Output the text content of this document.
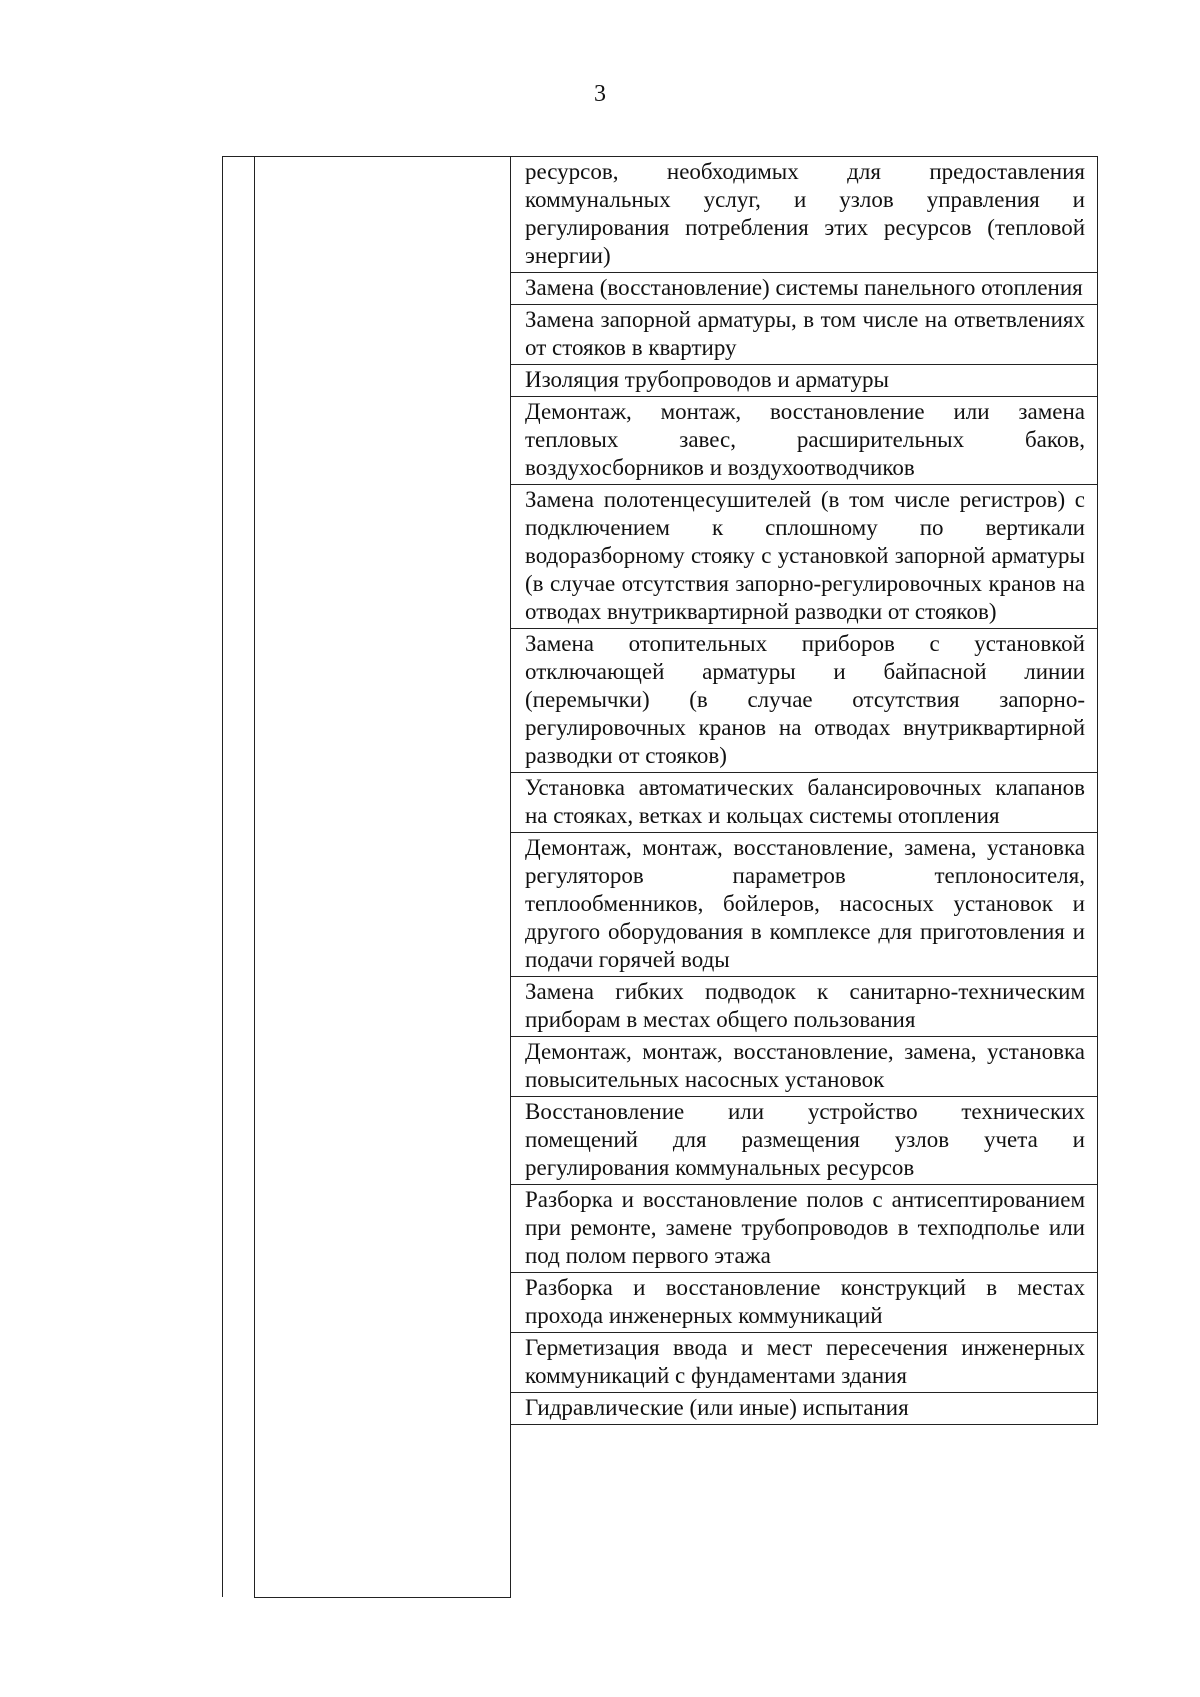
3
ресурсов, необходимых для предоставления коммунальных услуг, и узлов управления и регулирования потребления этих ресурсов (тепловой энергии)
Замена (восстановление) системы панельного отопления
Замена запорной арматуры, в том числе на ответвлениях от стояков в квартиру
Изоляция трубопроводов и арматуры
Демонтаж, монтаж, восстановление или замена тепловых завес, расширительных баков, воздухосборников и воздухоотводчиков
Замена полотенцесушителей (в том числе регистров) с подключением к сплошному по вертикали водоразборному стояку с установкой запорной арматуры (в случае отсутствия запорно-регулировочных кранов на отводах внутриквартирной разводки от стояков)
Замена отопительных приборов с установкой отключающей арматуры и байпасной линии (перемычки) (в случае отсутствия запорно-регулировочных кранов на отводах внутриквартирной разводки от стояков)
Установка автоматических балансировочных клапанов на стояках, ветках и кольцах системы отопления
Демонтаж, монтаж, восстановление, замена, установка регуляторов параметров теплоносителя, теплообменников, бойлеров, насосных установок и другого оборудования в комплексе для приготовления и подачи горячей воды
Замена гибких подводок к санитарно-техническим приборам в местах общего пользования
Демонтаж, монтаж, восстановление, замена, установка повысительных насосных установок
Восстановление или устройство технических помещений для размещения узлов учета и регулирования коммунальных ресурсов
Разборка и восстановление полов с антисептированием при ремонте, замене трубопроводов в техподполье или под полом первого этажа
Разборка и восстановление конструкций в местах прохода инженерных коммуникаций
Герметизация ввода и мест пересечения инженерных коммуникаций с фундаментами здания
Гидравлические (или иные) испытания
